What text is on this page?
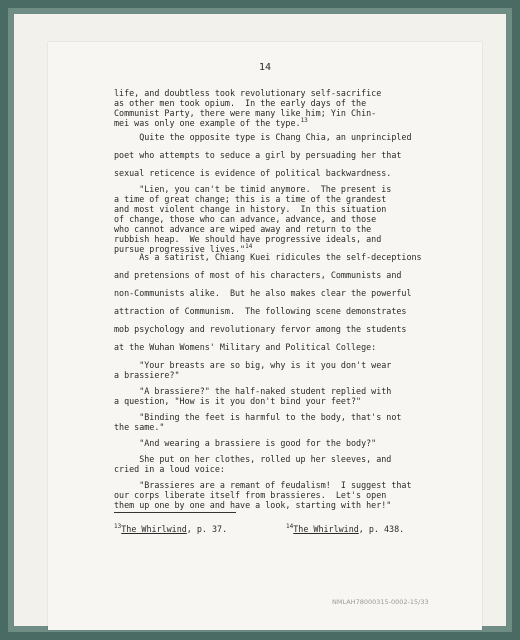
14
life, and doubtless took revolutionary self-sacrifice
as other men took opium.  In the early days of the
Communist Party, there were many like him; Yin Chin-
mei was only one example of the type.$^{13}$
Quite the opposite type is Chang Chia, an unprincipled
poet who attempts to seduce a girl by persuading her that
sexual reticence is evidence of political backwardness.
"Lien, you can't be timid anymore.  The present is
a time of great change; this is a time of the grandest
and most violent change in history.  In this situation
of change, those who can advance, advance, and those
who cannot advance are wiped away and return to the
rubbish heap.  We should have progressive ideals, and
pursue progressive lives."$^{14}$
As a satirist, Chiang Kuei ridicules the self-deceptions
and pretensions of most of his characters, Communists and
non-Communists alike.  But he also makes clear the powerful
attraction of Communism.  The following scene demonstrates
mob psychology and revolutionary fervor among the students
at the Wuhan Womens' Military and Political College:
"Your breasts are so big, why is it you don't wear
a brassiere?"
"A brassiere?" the half-naked student replied with
a question, "How is it you don't bind your feet?"
"Binding the feet is harmful to the body, that's not
the same."
"And wearing a brassiere is good for the body?"
She put on her clothes, rolled up her sleeves, and
cried in a loud voice:
"Brassieres are a remant of feudalism!  I suggest that
our corps liberate itself from brassieres.  Let's open
them up one by one and have a look, starting with her!"
$^{13}$The Whirlwind, p. 37.	$^{14}$The Whirlwind, p. 438.
NMLAH78000315-0002-15/33
